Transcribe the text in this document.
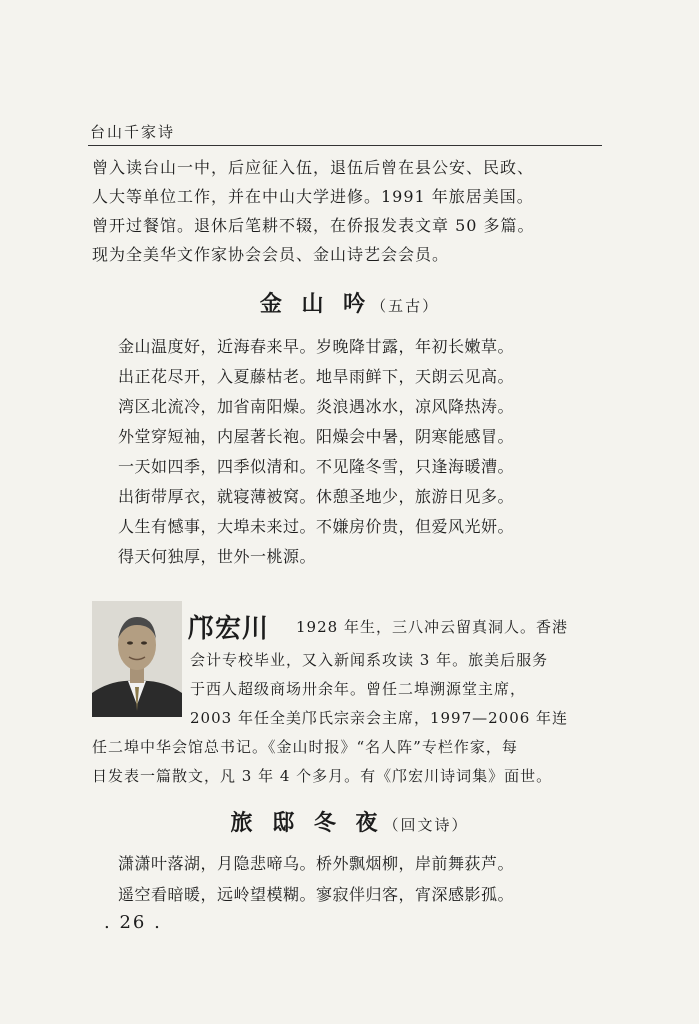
台山千家诗
曾入读台山一中，后应征入伍，退伍后曾在县公安、民政、
人大等单位工作，并在中山大学进修。1991 年旅居美国。
曾开过餐馆。退休后笔耕不辍，在侨报发表文章 50 多篇。
现为全美华文作家协会会员、金山诗艺会会员。
金 山 吟（五古）
金山温度好，近海春来早。岁晚降甘露，年初长嫩草。
出正花尽开，入夏藤枯老。地旱雨鲜下，天朗云见高。
湾区北流冷，加省南阳燥。炎浪遇冰水，凉风降热涛。
外堂穿短袖，内屋著长袍。阳燥会中暑，阴寒能感冒。
一天如四季，四季似清和。不见隆冬雪，只逢海暖漕。
出街带厚衣，就寝薄被窝。休憩圣地少，旅游日见多。
人生有憾事，大埠未来过。不嫌房价贵，但爱风光妍。
得天何独厚，世外一桃源。
邝宏川 1928 年生，三八冲云留真洞人。香港
会计专校毕业，又入新闻系攻读 3 年。旅美后服务
于西人超级商场卅余年。曾任二埠溯源堂主席，
2003 年任全美邝氏宗亲会主席，1997—2006 年连
任二埠中华会馆总书记。《金山时报》“名人阵”专栏作家，每
日发表一篇散文，凡 3 年 4 个多月。有《邝宏川诗词集》面世。
旅 邸 冬 夜（回文诗）
潇潇叶落湖，月隐悲啼乌。桥外飘烟柳，岸前舞荻芦。
遥空看暗暖，远岭望模糊。寥寂伴归客，宵深感影孤。
. 26 .
